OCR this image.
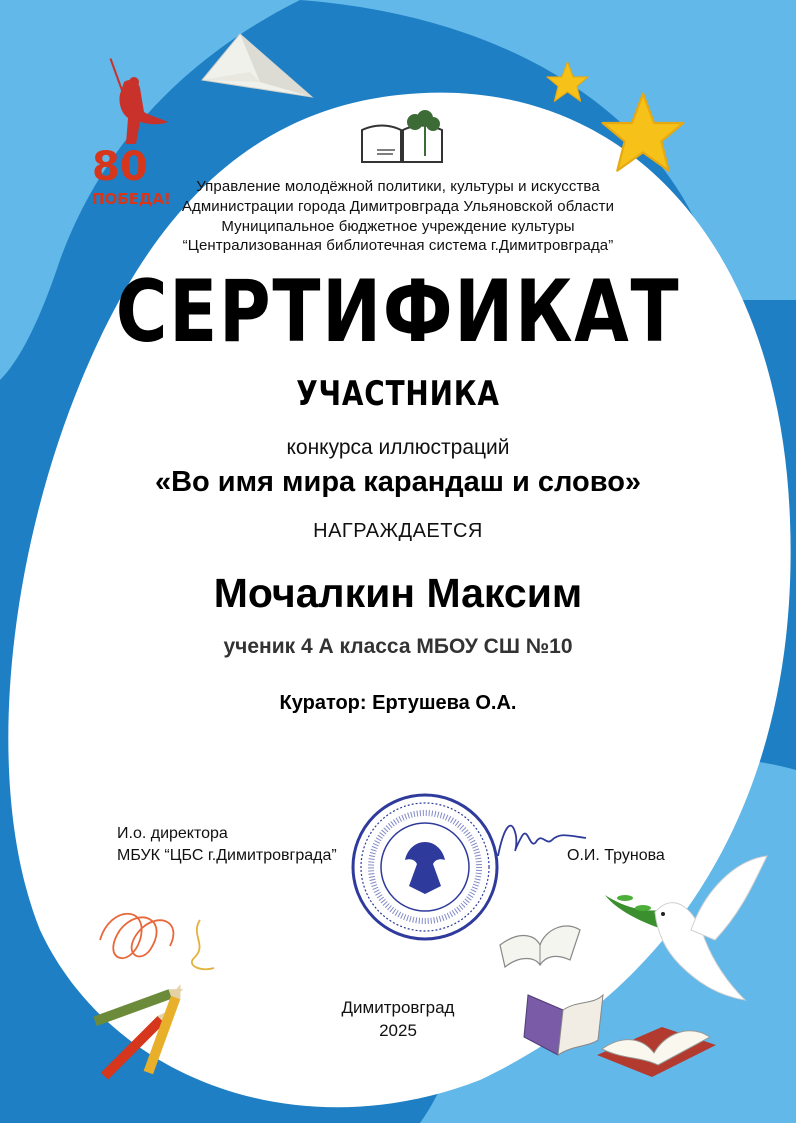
80
ПОБЕДА!
Управление молодёжной политики, культуры и искусства
Администрации города Димитровграда Ульяновской области
Муниципальное бюджетное учреждение культуры
“Централизованная библиотечная система г.Димитровграда”
СЕРТИФИКАТ
УЧАСТНИКА
конкурса иллюстраций
«Во имя мира карандаш и слово»
НАГРАЖДАЕТСЯ
Мочалкин Максим
ученик 4 А класса МБОУ СШ №10
Куратор: Ертушева О.А.
И.о. директора
МБУК “ЦБС г.Димитровграда”	О.И. Трунова
Димитровград
2025
